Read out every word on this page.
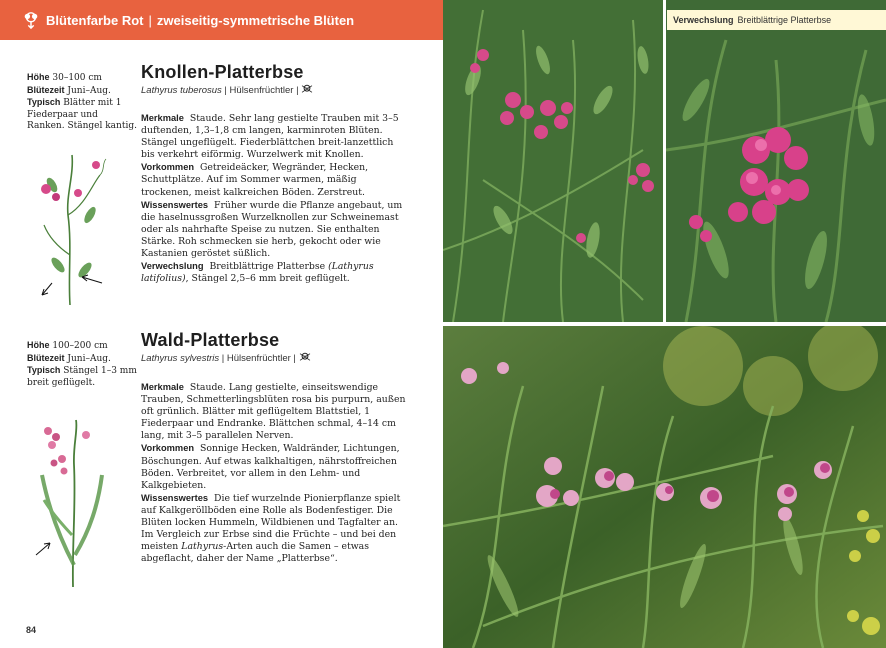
Blütenfarbe Rot | zweiseitig-symmetrische Blüten
Höhe 30–100 cm
Blütezeit Juni–Aug.
Typisch Blätter mit 1 Fiederpaar und Ranken. Stängel kantig.
Knollen-Platterbse
Lathyrus tuberosus | Hülsenfrüchtler |

Merkmale Staude. Sehr lang gestielte Trauben mit 3–5 duftenden, 1,3–1,8 cm langen, karminroten Blüten. Stängel ungeflügelt. Fiederblättchen breit-lanzettlich bis verkehrt eiförmig. Wurzelwerk mit Knollen.

Vorkommen Getreideäcker, Wegränder, Hecken, Schuttplätze. Auf im Sommer warmen, mäßig trockenen, meist kalkreichen Böden. Zerstreut.

Wissenswertes Früher wurde die Pflanze angebaut, um die haselnussgroßen Wurzelknollen zur Schweinemast oder als nahrhafte Speise zu nutzen. Sie enthalten Stärke. Roh schmecken sie herb, gekocht oder wie Kastanien geröstet süßlich.

Verwechslung Breitblättrige Platterbse (Lathyrus latifolius), Stängel 2,5–6 mm breit geflügelt.

Höhe 100–200 cm
Blütezeit Juni–Aug.
Typisch Stängel 1–3 mm breit geflügelt.
Wald-Platterbse
Lathyrus sylvestris | Hülsenfrüchtler |

Merkmale Staude. Lang gestielte, einseitswendige Trauben, Schmetterlingsblüten rosa bis purpurn, außen oft grünlich. Blätter mit geflügeltem Blattstiel, 1 Fiederpaar und Endranke. Blättchen schmal, 4–14 cm lang, mit 3–5 parallelen Nerven.

Vorkommen Sonnige Hecken, Waldränder, Lichtungen, Böschungen. Auf etwas kalkhaltigen, nährstoffreichen Böden. Verbreitet, vor allem in den Lehm- und Kalkgebieten.

Wissenswertes Die tief wurzelnde Pionierpflanze spielt auf Kalkgeröllböden eine Rolle als Bodenfestiger. Die Blüten locken Hummeln, Wildbienen und Tagfalter an. Im Vergleich zur Erbse sind die Früchte – und bei den meisten Lathyrus-Arten auch die Samen – etwas abgeflacht, daher der Name „Platterbse“.

84
Verwechslung Breitblättrige Platterbse
